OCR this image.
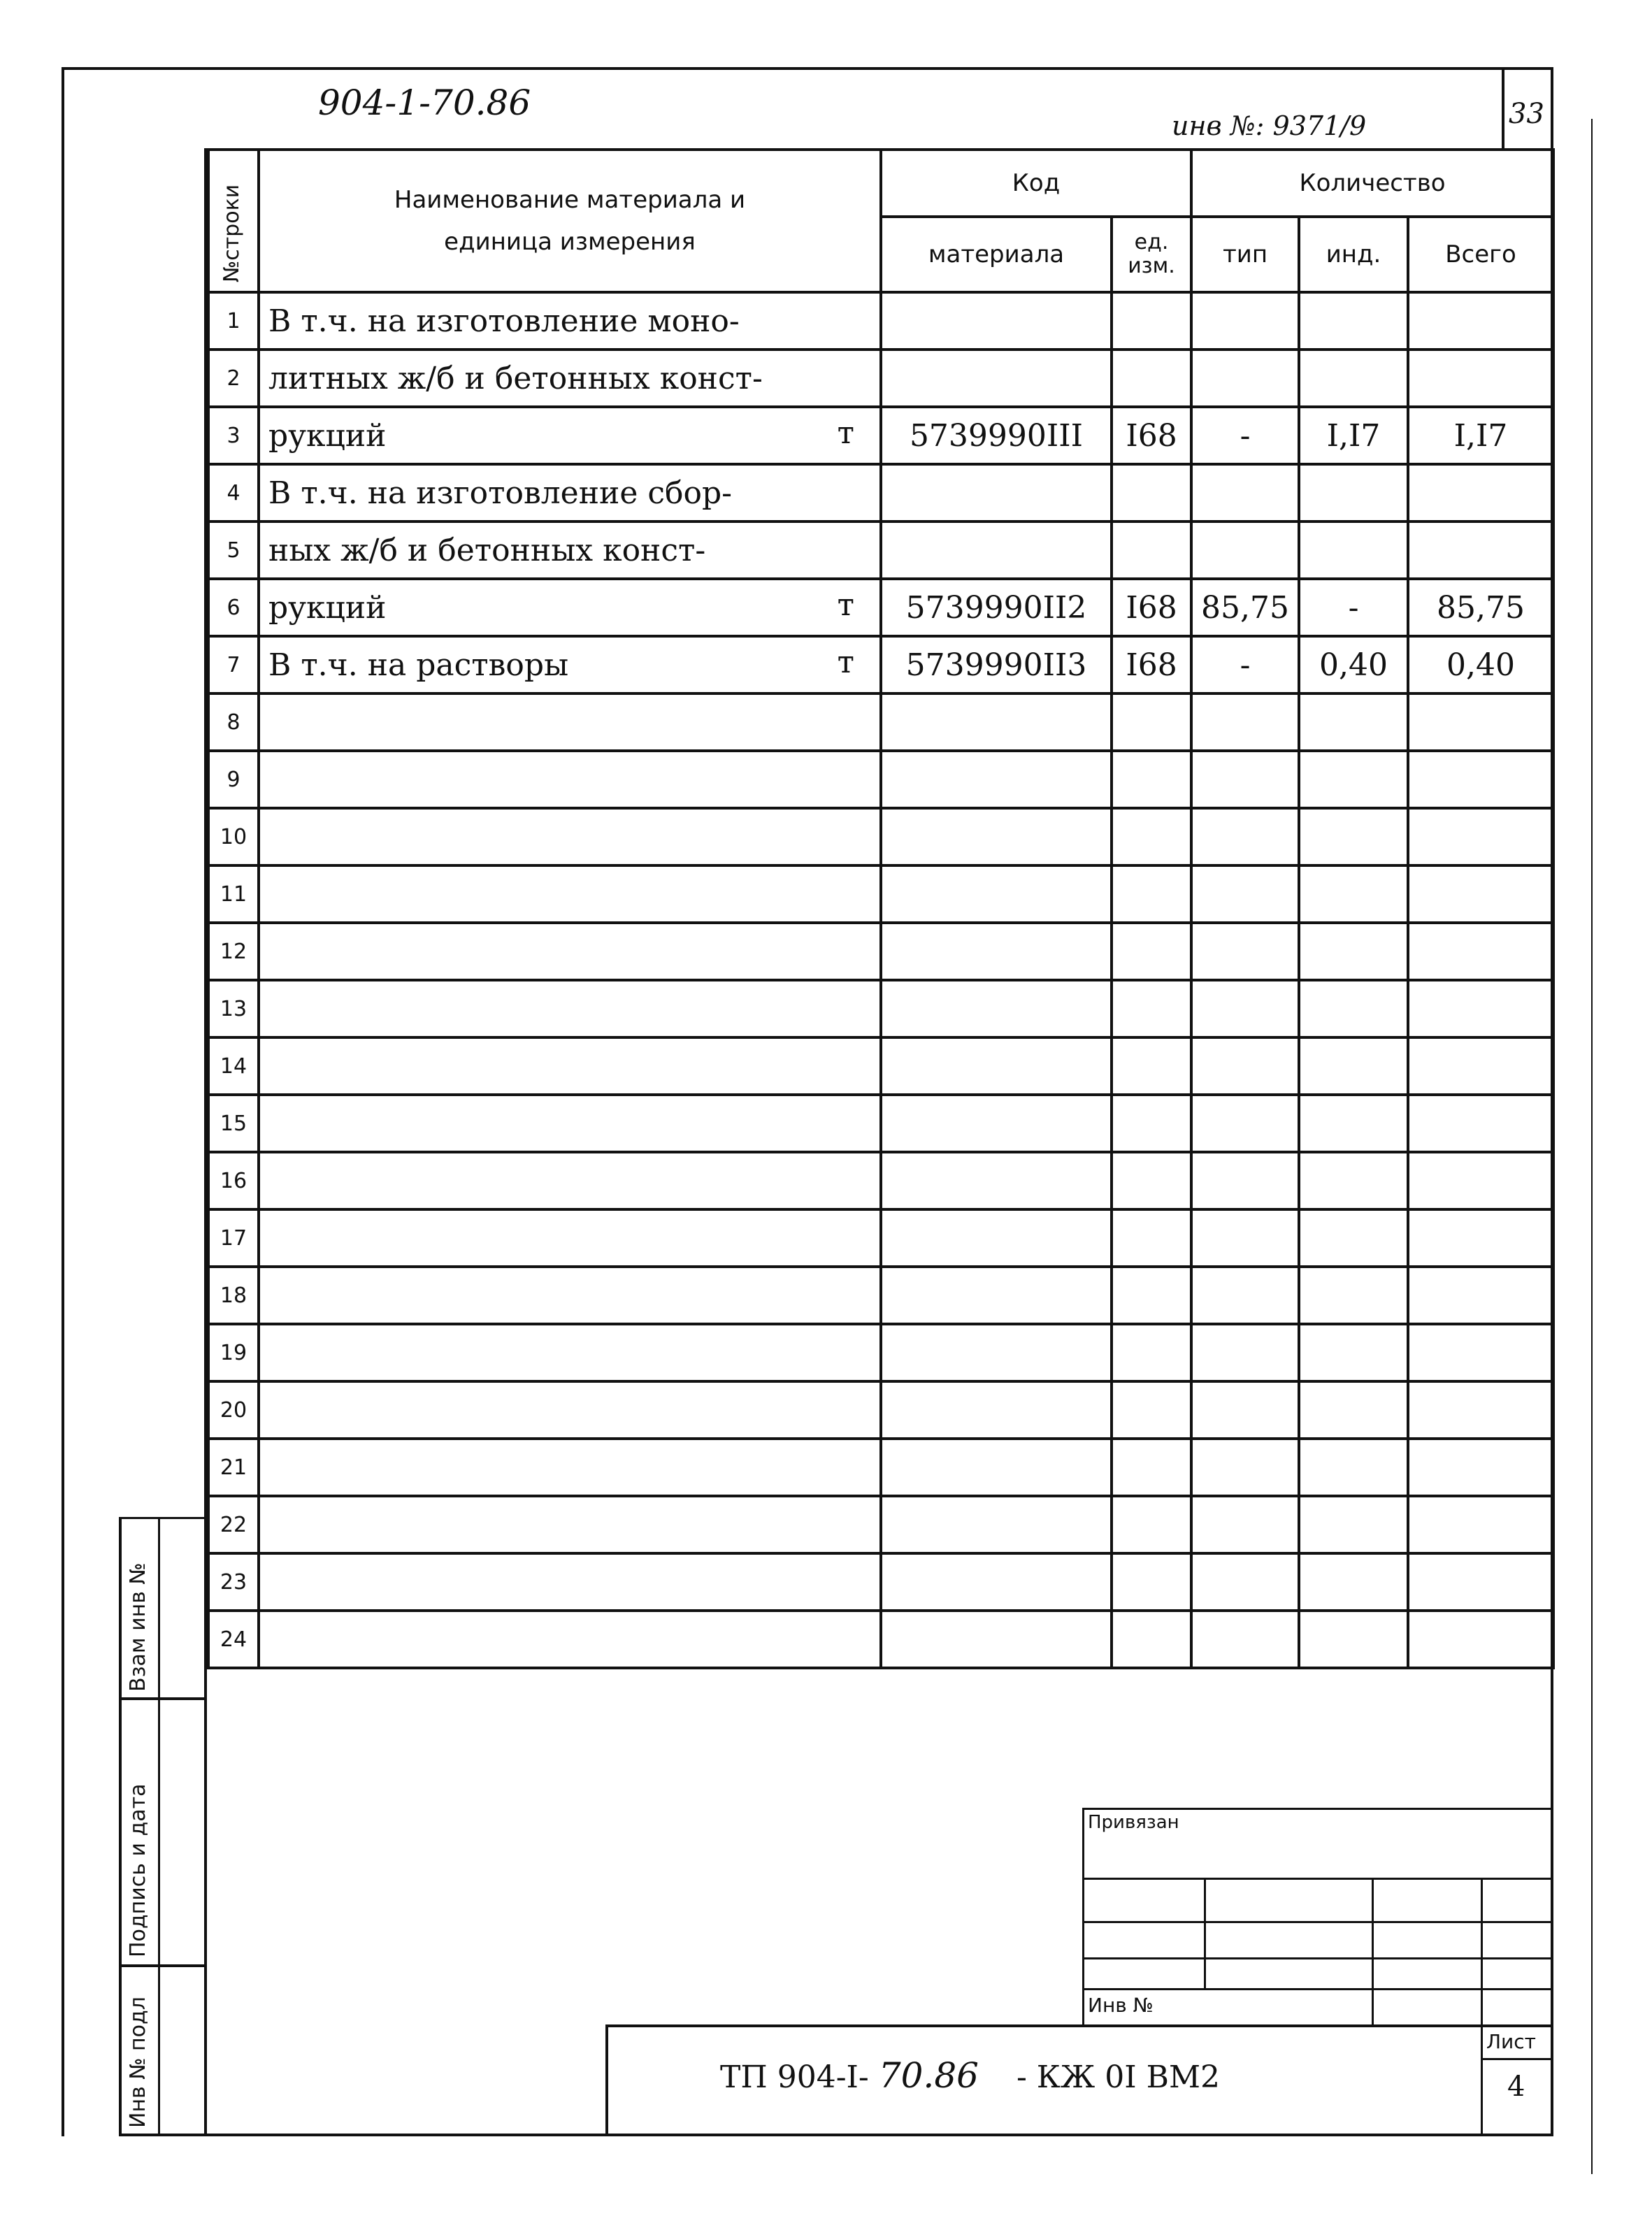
904-1-70.86
инв №: 9371/9	33
№строки	Наименование материала и единица измерения	Код		Количество		
		материала	ед. изм.	тип	инд.	Всего
1	В т.ч. на изготовление моно-

2	литных ж/б и бетонных конст-

3	рукций т	5739990III	I68	-	I,I7	I,I7
4	В т.ч. на изготовление сбор-

5	ных ж/б и бетонных конст-

6	рукций т	5739990II2	I68	85,75	-	85,75
7	В т.ч. на растворы т	5739990II3	I68	-	0,40	0,40
8	

9	

10	

11	

12	

13	

14	

15	

16	

17	

18	

19	

20	

21	

22	

23	

24	

Взам инв №
Подпись и дата
Инв № подл
Привязан
Инв №
ТП 904-I- 70.86 - КЖ 0I ВМ2
Лист
4
